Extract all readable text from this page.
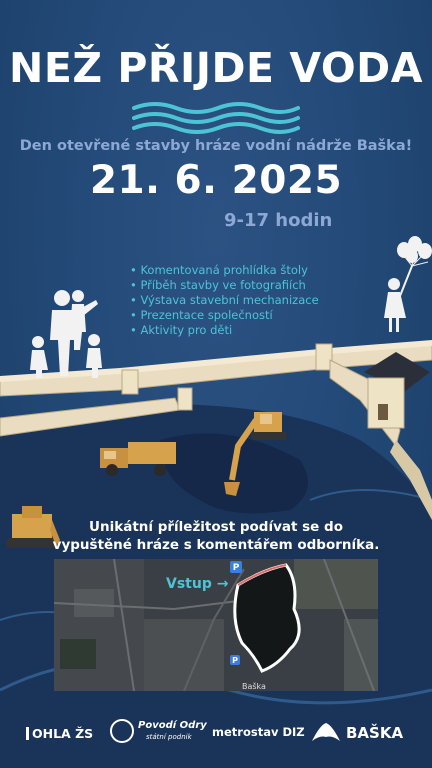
NEŽ PŘIJDE VODA
Den otevřené stavby hráze vodní nádrže Baška!
21. 6. 2025
9-17 hodin
• Komentovaná prohlídka štoly
• Příběh stavby ve fotografiích
• Výstava stavební mechanizace
• Prezentace společností
• Aktivity pro děti
Unikátní příležitost podívat se do
vypuštěné hráze s komentářem odborníka.
P
P
Vstup →
Baška
OHLA ŽS
Povodí Odry
státní podnik metrostav DIZ	BAŠKA
